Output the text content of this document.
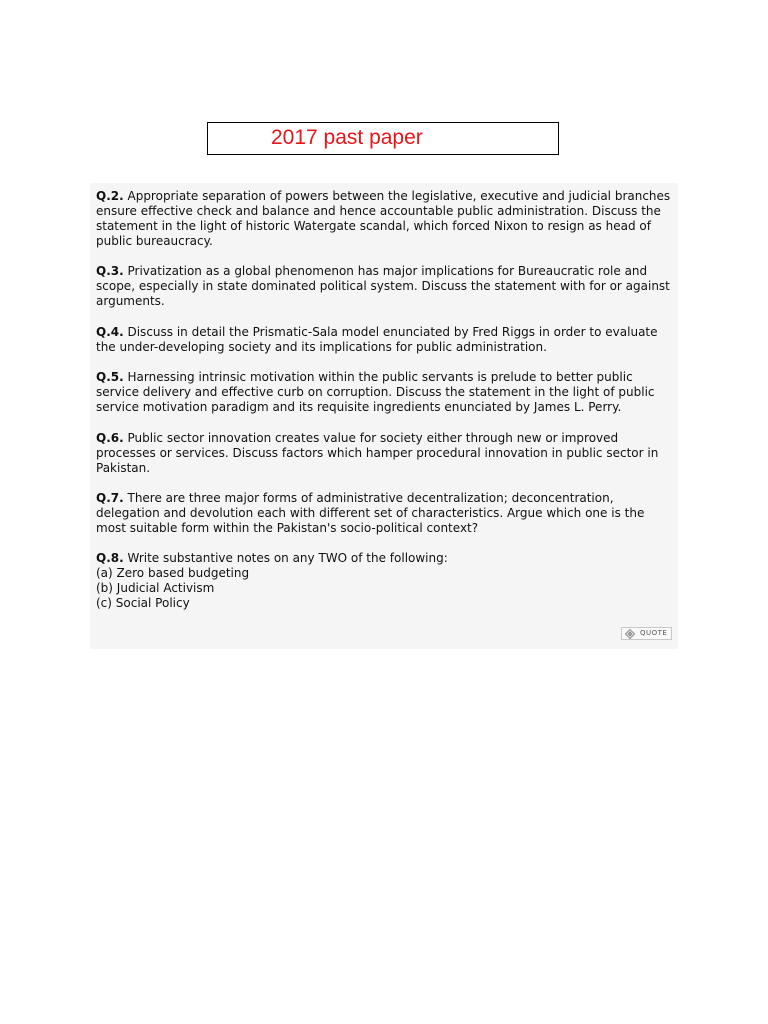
2017 past paper

Q.2. Appropriate separation of powers between the legislative, executive and judicial branches ensure effective check and balance and hence accountable public administration. Discuss the statement in the light of historic Watergate scandal, which forced Nixon to resign as head of public bureaucracy.

Q.3. Privatization as a global phenomenon has major implications for Bureaucratic role and scope, especially in state dominated political system. Discuss the statement with for or against arguments.

Q.4. Discuss in detail the Prismatic-Sala model enunciated by Fred Riggs in order to evaluate the under-developing society and its implications for public administration.

Q.5. Harnessing intrinsic motivation within the public servants is prelude to better public service delivery and effective curb on corruption. Discuss the statement in the light of public service motivation paradigm and its requisite ingredients enunciated by James L. Perry.

Q.6. Public sector innovation creates value for society either through new or improved processes or services. Discuss factors which hamper procedural innovation in public sector in Pakistan.

Q.7. There are three major forms of administrative decentralization; deconcentration, delegation and devolution each with different set of characteristics. Argue which one is the most suitable form within the Pakistan's socio-political context?

Q.8. Write substantive notes on any TWO of the following:
(a) Zero based budgeting
(b) Judicial Activism
(c) Social Policy

QUOTE
